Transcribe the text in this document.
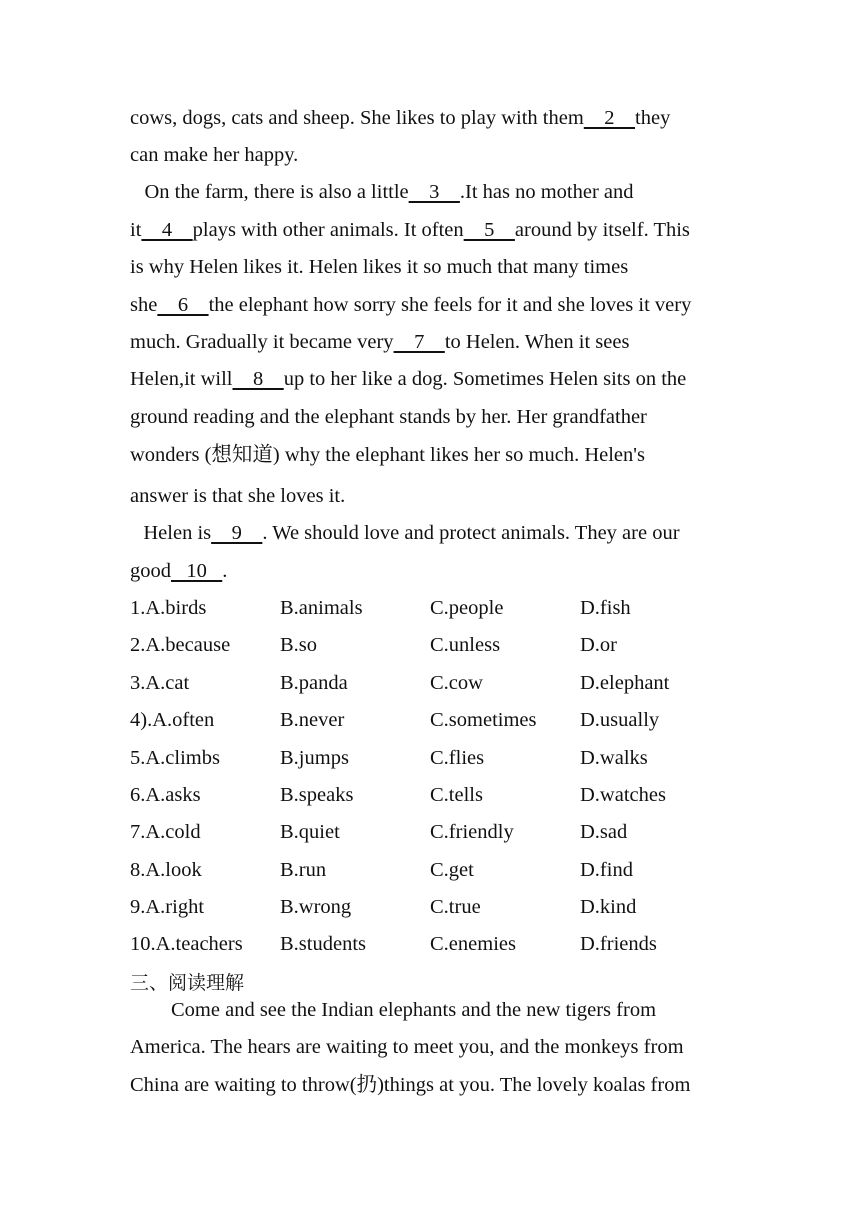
cows, dogs, cats and sheep. She likes to play with them    2    they
can make her happy.
On the farm, there is also a little    3    .It has no mother and
it    4    plays with other animals. It often    5    around by itself. This
is why Helen likes it. Helen likes it so much that many times
she    6    the elephant how sorry she feels for it and she loves it very
much. Gradually it became very    7    to Helen. When it sees
Helen,it will    8    up to her like a dog. Sometimes Helen sits on the
ground reading and the elephant stands by her. Her grandfather
wonders (想知道) why the elephant likes her so much. Helen's
answer is that she loves it.
Helen is    9    . We should love and protect animals. They are our
good   10   .
1.A.birds	B.animals	C.people	D.fish
2.A.because B.so	C.unless	D.or
3.A.cat	B.panda	C.cow	D.elephant
4).A.often	B.never	C.sometimes D.usually
5.A.climbs	B.jumps	C.flies	D.walks
6.A.asks	B.speaks	C.tells	D.watches
7.A.cold	B.quiet	C.friendly	D.sad
8.A.look	B.run	C.get	D.find
9.A.right	B.wrong	C.true	D.kind
10.A.teachers B.students	C.enemies	D.friends
三、阅读理解
Come and see the Indian elephants and the new tigers from
America. The hears are waiting to meet you, and the monkeys from
China are waiting to throw(扔)things at you. The lovely koalas from
